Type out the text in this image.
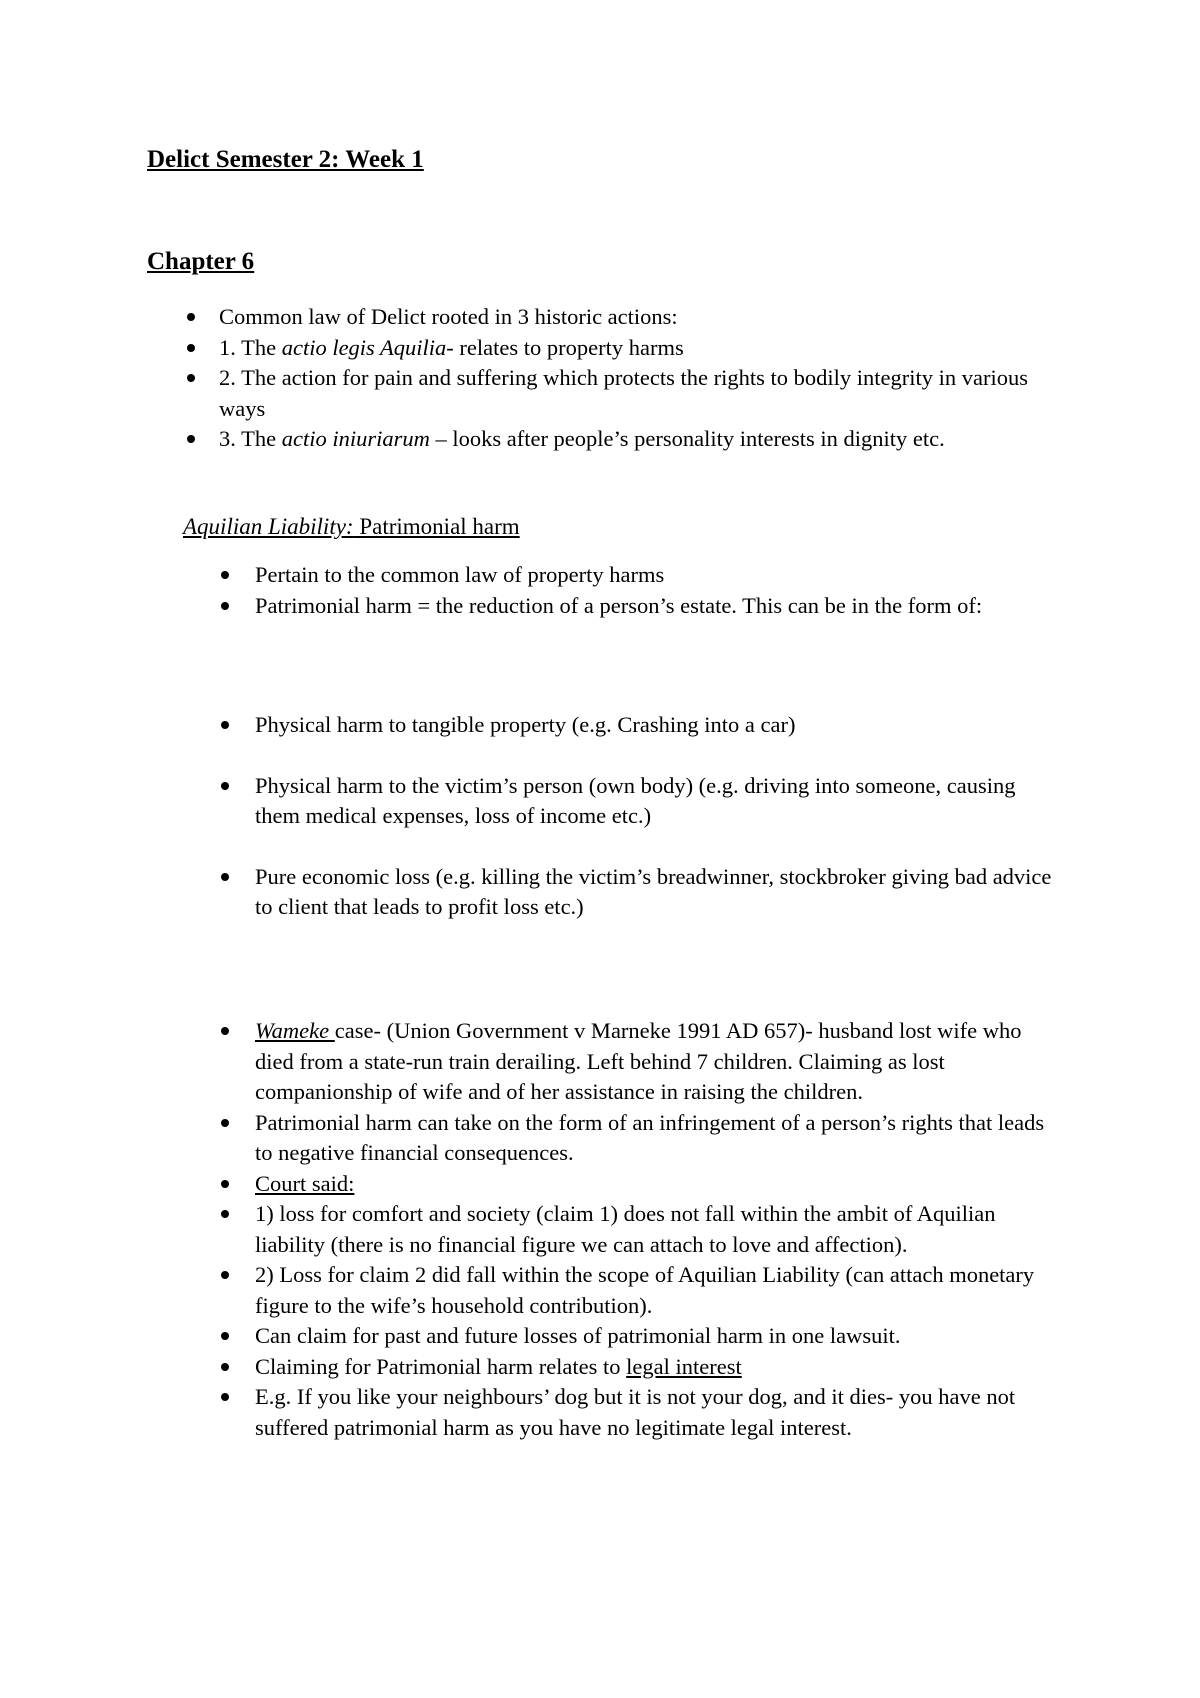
Delict Semester 2: Week 1
Chapter 6
Common law of Delict rooted in 3 historic actions:
1. The actio legis Aquilia- relates to property harms
2. The action for pain and suffering which protects the rights to bodily integrity in various ways
3. The actio iniuriarum – looks after people’s personality interests in dignity etc.
Aquilian Liability: Patrimonial harm
Pertain to the common law of property harms
Patrimonial harm = the reduction of a person’s estate. This can be in the form of:
Physical harm to tangible property (e.g. Crashing into a car)
Physical harm to the victim’s person (own body) (e.g. driving into someone, causing them medical expenses, loss of income etc.)
Pure economic loss (e.g. killing the victim’s breadwinner, stockbroker giving bad advice to client that leads to profit loss etc.)
Wameke case- (Union Government v Marneke 1991 AD 657)- husband lost wife who died from a state-run train derailing. Left behind 7 children. Claiming as lost companionship of wife and of her assistance in raising the children.
Patrimonial harm can take on the form of an infringement of a person’s rights that leads to negative financial consequences.
Court said:
1) loss for comfort and society (claim 1) does not fall within the ambit of Aquilian liability (there is no financial figure we can attach to love and affection).
2) Loss for claim 2 did fall within the scope of Aquilian Liability (can attach monetary figure to the wife’s household contribution).
Can claim for past and future losses of patrimonial harm in one lawsuit.
Claiming for Patrimonial harm relates to legal interest
E.g. If you like your neighbours’ dog but it is not your dog, and it dies- you have not suffered patrimonial harm as you have no legitimate legal interest.
